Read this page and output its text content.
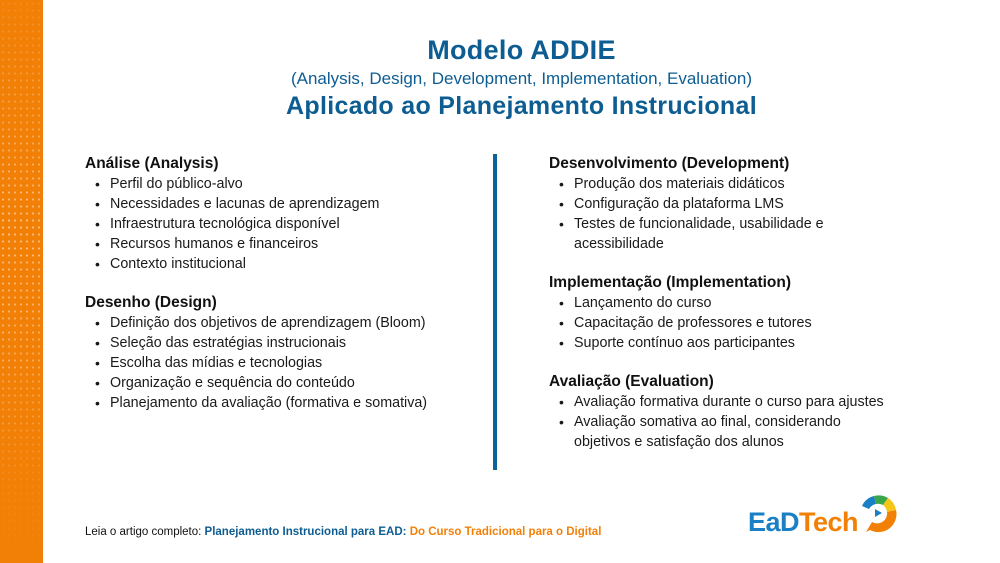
Modelo ADDIE
(Analysis, Design, Development, Implementation, Evaluation)
Aplicado ao Planejamento Instrucional
Análise (Analysis)
• Perfil do público-alvo
• Necessidades e lacunas de aprendizagem
• Infraestrutura tecnológica disponível
• Recursos humanos e financeiros
• Contexto institucional
Desenho (Design)
• Definição dos objetivos de aprendizagem (Bloom)
• Seleção das estratégias instrucionais
• Escolha das mídias e tecnologias
• Organização e sequência do conteúdo
• Planejamento da avaliação (formativa e somativa)
Desenvolvimento (Development)
• Produção dos materiais didáticos
• Configuração da plataforma LMS
• Testes de funcionalidade, usabilidade e acessibilidade
Implementação (Implementation)
• Lançamento do curso
• Capacitação de professores e tutores
• Suporte contínuo aos participantes
Avaliação (Evaluation)
• Avaliação formativa durante o curso para ajustes
• Avaliação somativa ao final, considerando objetivos e satisfação dos alunos
Leia o artigo completo: Planejamento Instrucional para EAD: Do Curso Tradicional para o Digital	EaDTech
